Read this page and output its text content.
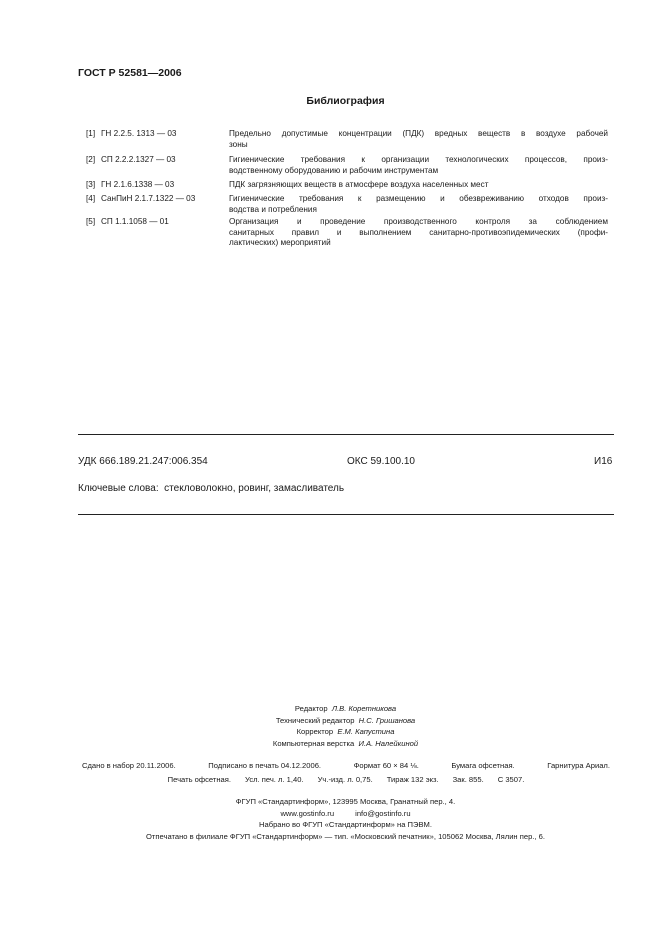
ГОСТ Р 52581—2006
Библиография
[1] ГН 2.2.5. 1313 — 03	Предельно допустимые концентрации (ПДК) вредных веществ в воздухе рабочей
зоны
[2] СП 2.2.2.1327 — 03	Гигиенические требования к организации технологических процессов, произ-
водственному оборудованию и рабочим инструментам
[3] ГН 2.1.6.1338 — 03	ПДК загрязняющих веществ в атмосфере воздуха населенных мест
[4] СанПиН 2.1.7.1322 — 03	Гигиенические требования к размещению и обезвреживанию отходов произ-
водства и потребления
[5] СП 1.1.1058 — 01	Организация и проведение производственного контроля за соблюдением
санитарных правил и выполнением санитарно-противоэпидемических (профи-
лактических) мероприятий
УДК 666.189.21.247:006.354	ОКС 59.100.10	И16
Ключевые слова: стекловолокно, ровинг, замасливатель
Редактор Л.В. Коретникова
Технический редактор Н.С. Гришанова
Корректор Е.М. Капустина
Компьютерная верстка И.А. Налейкиной
Сдано в набор 20.11.2006.	Подписано в печать 04.12.2006.	Формат 60 × 84 ⅛.	Бумага офсетная.	Гарнитура Ариал.
Печать офсетная. Усл. печ. л. 1,40. Уч.-изд. л. 0,75. Тираж 132 экз. Зак. 855. С 3507.
ФГУП «Стандартинформ», 123995 Москва, Гранатный пер., 4.
www.gostinfo.ru          info@gostinfo.ru
Набрано во ФГУП «Стандартинформ» на ПЭВМ.
Отпечатано в филиале ФГУП «Стандартинформ» — тип. «Московский печатник», 105062 Москва, Лялин пер., 6.
